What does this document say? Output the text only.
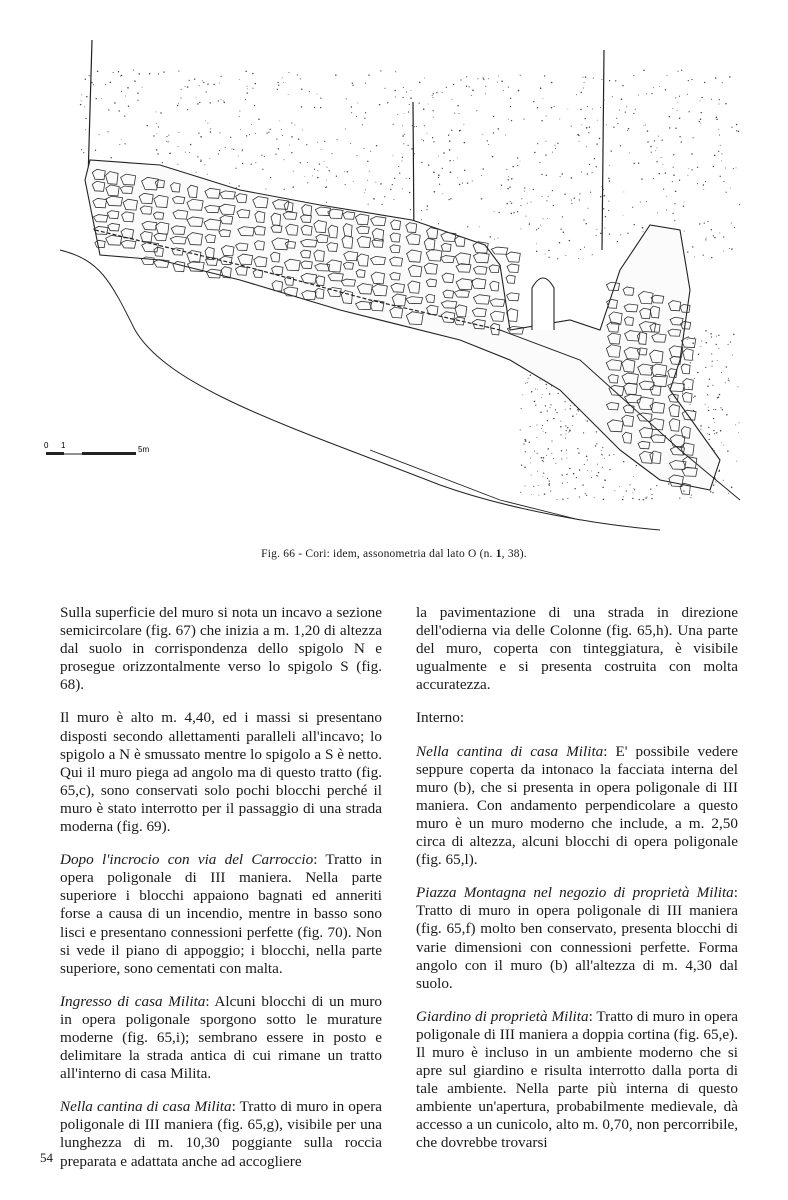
0 1	5m
Fig. 66 - Cori: idem, assonometria dal lato O (n. 1, 38).

Sulla superficie del muro si nota un incavo a sezione semicircolare (fig. 67) che inizia a m. 1,20 di altezza dal suolo in corrispondenza dello spigolo N e prosegue orizzontalmente verso lo spigolo S (fig. 68).

Il muro è alto m. 4,40, ed i massi si presentano disposti secondo allettamenti paralleli all'incavo; lo spigolo a N è smussato mentre lo spigolo a S è netto. Qui il muro piega ad angolo ma di questo tratto (fig. 65,c), sono conservati solo pochi blocchi perché il muro è stato interrotto per il passaggio di una strada moderna (fig. 69).

Dopo l'incrocio con via del Carroccio: Tratto in opera poligonale di III maniera. Nella parte superiore i blocchi appaiono bagnati ed anneriti forse a causa di un incendio, mentre in basso sono lisci e presentano connessioni perfette (fig. 70). Non si vede il piano di appoggio; i blocchi, nella parte superiore, sono cementati con malta.

Ingresso di casa Milita: Alcuni blocchi di un muro in opera poligonale sporgono sotto le murature moderne (fig. 65,i); sembrano essere in posto e delimitare la strada antica di cui rimane un tratto all'interno di casa Milita.

Nella cantina di casa Milita: Tratto di muro in opera poligonale di III maniera (fig. 65,g), visibile per una lunghezza di m. 10,30 poggiante sulla roccia preparata e adattata anche ad accogliere

la pavimentazione di una strada in direzione dell'odierna via delle Colonne (fig. 65,h). Una parte del muro, coperta con tinteggiatura, è visibile ugualmente e si presenta costruita con molta accuratezza.

Interno:

Nella cantina di casa Milita: E' possibile vedere seppure coperta da intonaco la facciata interna del muro (b), che si presenta in opera poligonale di III maniera. Con andamento perpendicolare a questo muro è un muro moderno che include, a m. 2,50 circa di altezza, alcuni blocchi di opera poligonale (fig. 65,l).

Piazza Montagna nel negozio di proprietà Milita: Tratto di muro in opera poligonale di III maniera (fig. 65,f) molto ben conservato, presenta blocchi di varie dimensioni con connessioni perfette. Forma angolo con il muro (b) all'altezza di m. 4,30 dal suolo.

Giardino di proprietà Milita: Tratto di muro in opera poligonale di III maniera a doppia cortina (fig. 65,e). Il muro è incluso in un ambiente moderno che si apre sul giardino e risulta interrotto dalla porta di tale ambiente. Nella parte più interna di questo ambiente un'apertura, probabilmente medievale, dà accesso a un cunicolo, alto m. 0,70, non percorribile, che dovrebbe trovarsi

54
